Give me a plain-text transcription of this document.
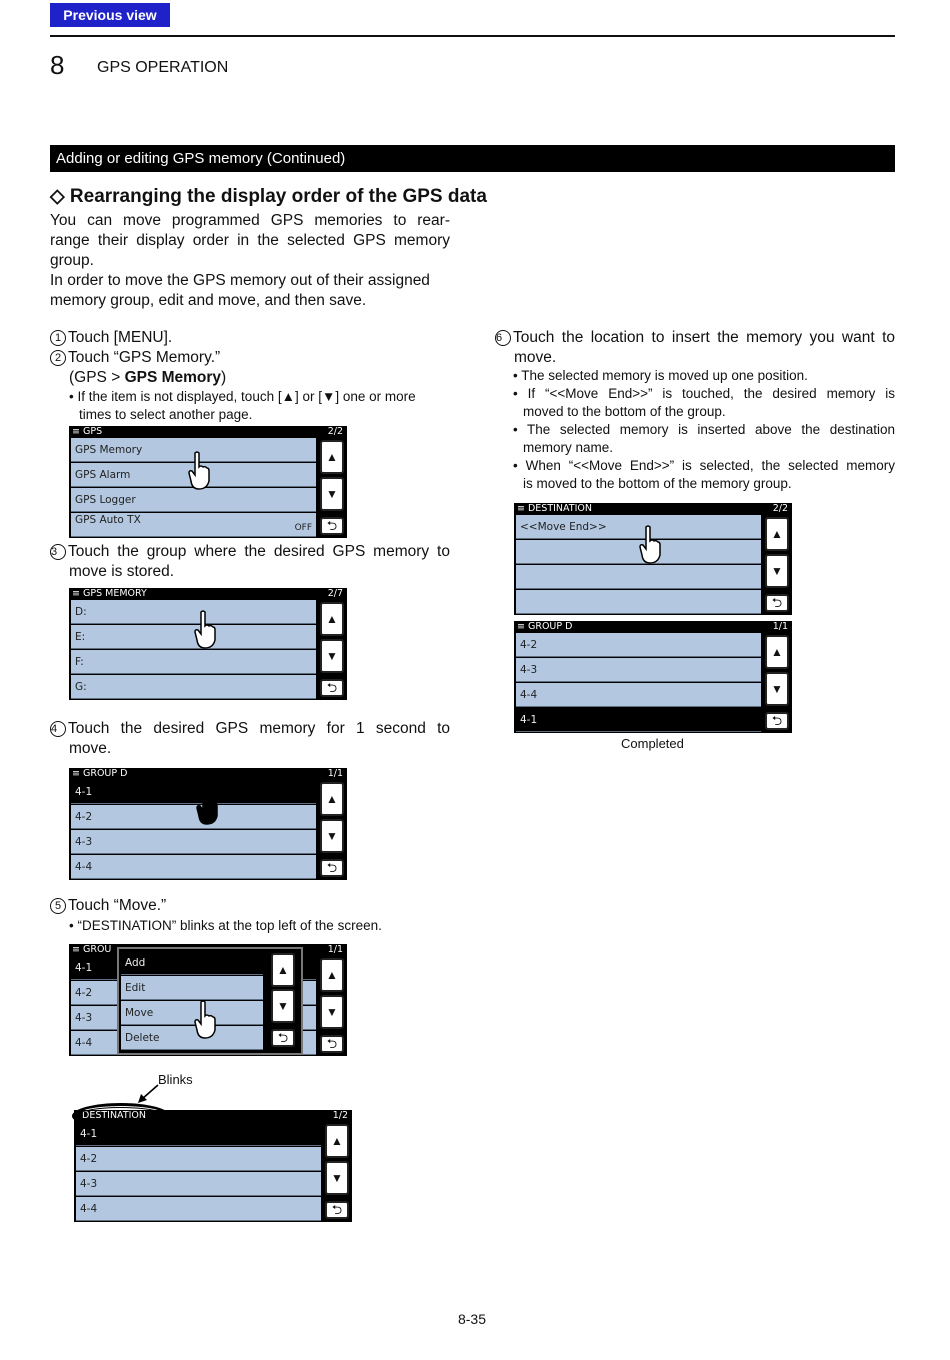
Previous view
8 GPS OPERATION
Adding or editing GPS memory (Continued)
◇ Rearranging the display order of the GPS data
You can move programmed GPS memories to rear-
range their display order in the selected GPS memory
group.
In order to move the GPS memory out of their assigned
memory group, edit and move, and then save.
1 Touch [MENU].
2 Touch “GPS Memory.”
(GPS > GPS Memory)
• If the item is not displayed, touch [▲] or [▼] one or more
times to select another page.
≡ GPS	2/2
GPS Memory
GPS Alarm
GPS Logger
GPS Auto TX
OFF
▲
▼
⮌
3 Touch the group where the desired GPS memory to
move is stored.
≡ GPS MEMORY	2/7
D:
E:
F:
G:
▲
▼
⮌
4 Touch the desired GPS memory for 1 second to
move.
≡ GROUP D	1/1
4-1
4-2
4-3
4-4
▲
▼
⮌
5 Touch “Move.”
• “DESTINATION” blinks at the top left of the screen.
≡ GROU	1/1
4-1
4-2
4-3
4-4
▲
▼
⮌
Add
Edit
Move
Delete
▲
▼
⮌
Blinks
DESTINATION	1/2
4-1
4-2
4-3
4-4
▲
▼
⮌
6 Touch the location to insert the memory you want to
move.
• The selected memory is moved up one position.
• If “<<Move End>>” is touched, the desired memory is
moved to the bottom of the group.
• The selected memory is inserted above the destination
memory name.
• When “<<Move End>>” is selected, the selected memory
is moved to the bottom of the memory group.
≡ DESTINATION	2/2
<<Move End>>	▲
▼
⮌
≡ GROUP D	1/1
4-2
4-3
4-4
4-1
▲
▼
⮌
Completed
8-35
